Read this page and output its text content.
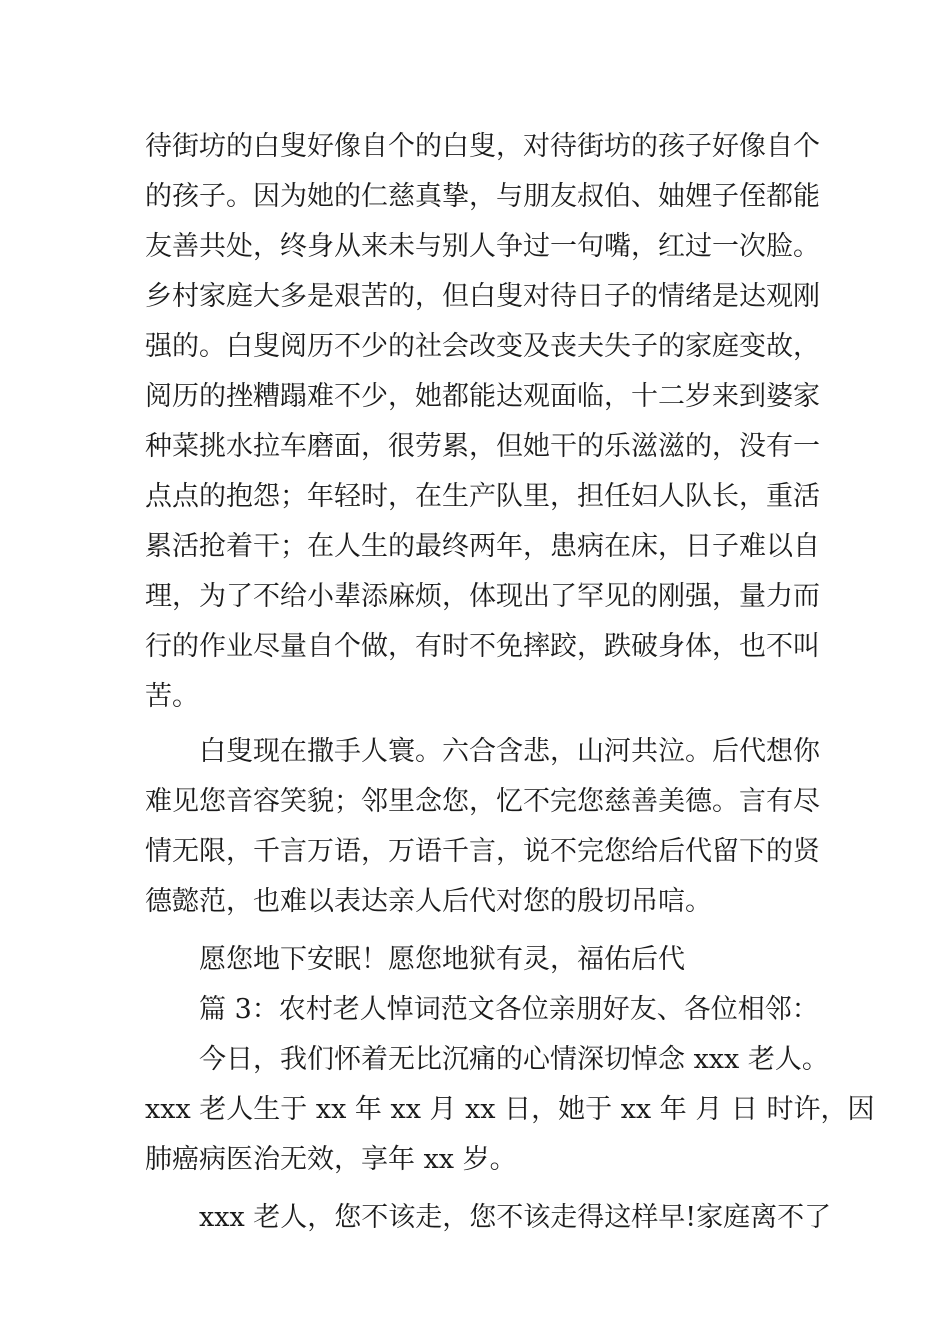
待街坊的白叟好像自个的白叟，对待街坊的孩子好像自个
的孩子。因为她的仁慈真挚，与朋友叔伯、妯娌子侄都能
友善共处，终身从来未与别人争过一句嘴，红过一次脸。
乡村家庭大多是艰苦的，但白叟对待日子的情绪是达观刚
强的。白叟阅历不少的社会改变及丧夫失子的家庭变故，
阅历的挫糟蹋难不少，她都能达观面临，十二岁来到婆家
种菜挑水拉车磨面，很劳累，但她干的乐滋滋的，没有一
点点的抱怨；年轻时，在生产队里，担任妇人队长，重活
累活抢着干；在人生的最终两年，患病在床，日子难以自
理，为了不给小辈添麻烦，体现出了罕见的刚强，量力而
行的作业尽量自个做，有时不免摔跤，跌破身体，也不叫
苦。
白叟现在撒手人寰。六合含悲，山河共泣。后代想你
难见您音容笑貌；邻里念您，忆不完您慈善美德。言有尽
情无限，千言万语，万语千言，说不完您给后代留下的贤
德懿范，也难以表达亲人后代对您的殷切吊唁。
愿您地下安眠！愿您地狱有灵，福佑后代
篇 3：农村老人悼词范文各位亲朋好友、各位相邻：
今日，我们怀着无比沉痛的心情深切悼念 xxx 老人。
xxx 老人生于 xx 年 xx 月 xx 日，她于 xx 年 月 日 时许，因
肺癌病医治无效，享年 xx 岁。
xxx 老人，您不该走，您不该走得这样早!家庭离不了
